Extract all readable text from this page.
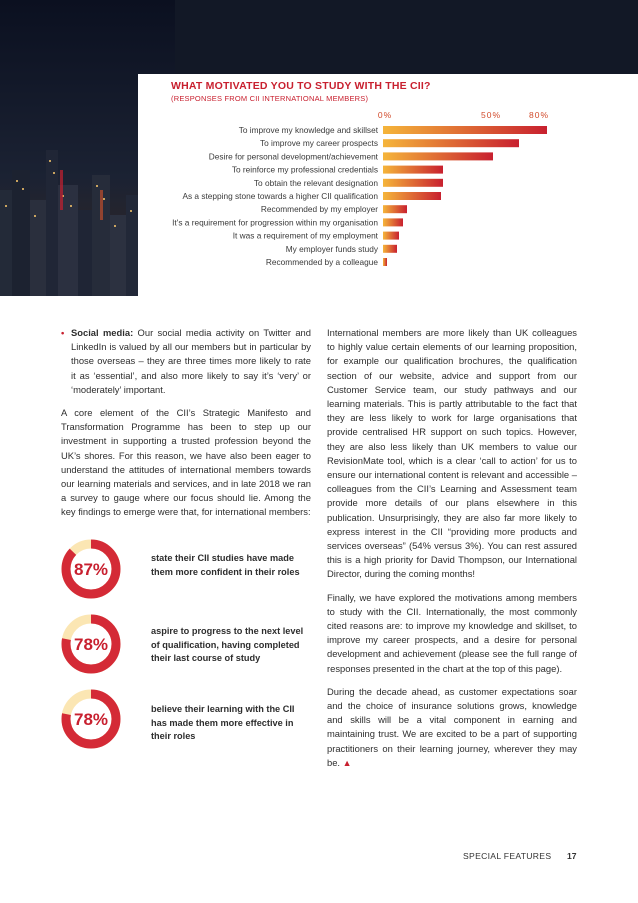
WHAT MOTIVATED YOU TO STUDY WITH THE CII?
(RESPONSES FROM CII INTERNATIONAL MEMBERS)
0%	50%	80%
To improve my knowledge and skillset
To improve my career prospects
Desire for personal development/achievement
To reinforce my professional credentials
To obtain the relevant designation
As a stepping stone towards a higher CII qualification
Recommended by my employer
It's a requirement for progression within my organisation
It was a requirement of my employment
My employer funds study
Recommended by a colleague

• Social media: Our social media activity on Twitter and LinkedIn is valued by all our members but in particular by those overseas – they are three times more likely to rate it as ‘essential’, and also more likely to say it’s ‘very’ or ‘moderately’ important.

A core element of the CII’s Strategic Manifesto and Transformation Programme has been to step up our investment in supporting a trusted profession beyond the UK’s shores. For this reason, we have also been eager to understand the attitudes of international members towards our learning materials and services, and in late 2018 we ran a survey to gauge where our focus should lie. Among the key findings to emerge were that, for international members:

87%
state their CII studies have made them more confident in their roles
78%
aspire to progress to the next level of qualification, having completed their last course of study
78%
believe their learning with the CII has made them more effective in their roles

International members are more likely than UK colleagues to highly value certain elements of our learning proposition, for example our qualification brochures, the qualification section of our website, advice and support from our Customer Service team, our study pathways and our learning materials. This is partly attributable to the fact that they are less likely to work for large organisations that provide centralised HR support on such topics. However, they are also less likely than UK members to value our RevisionMate tool, which is a clear ‘call to action’ for us to ensure our international content is relevant and accessible – colleagues from the CII’s Learning and Assessment team provide more details of our plans elsewhere in this publication. Unsurprisingly, they are also far more likely to express interest in the CII “providing more products and services overseas” (54% versus 3%). You can rest assured this is a high priority for David Thompson, our International Director, during the coming months!

Finally, we have explored the motivations among members to study with the CII. Internationally, the most commonly cited reasons are: to improve my knowledge and skillset, to improve my career prospects, and a desire for personal development and achievement (please see the full range of responses presented in the chart at the top of this page).

During the decade ahead, as customer expectations soar and the choice of insurance solutions grows, knowledge and skills will be a vital component in earning and maintaining trust. We are excited to be a part of supporting practitioners on their learning journey, wherever they may be. ▲

SPECIAL FEATURES 17
